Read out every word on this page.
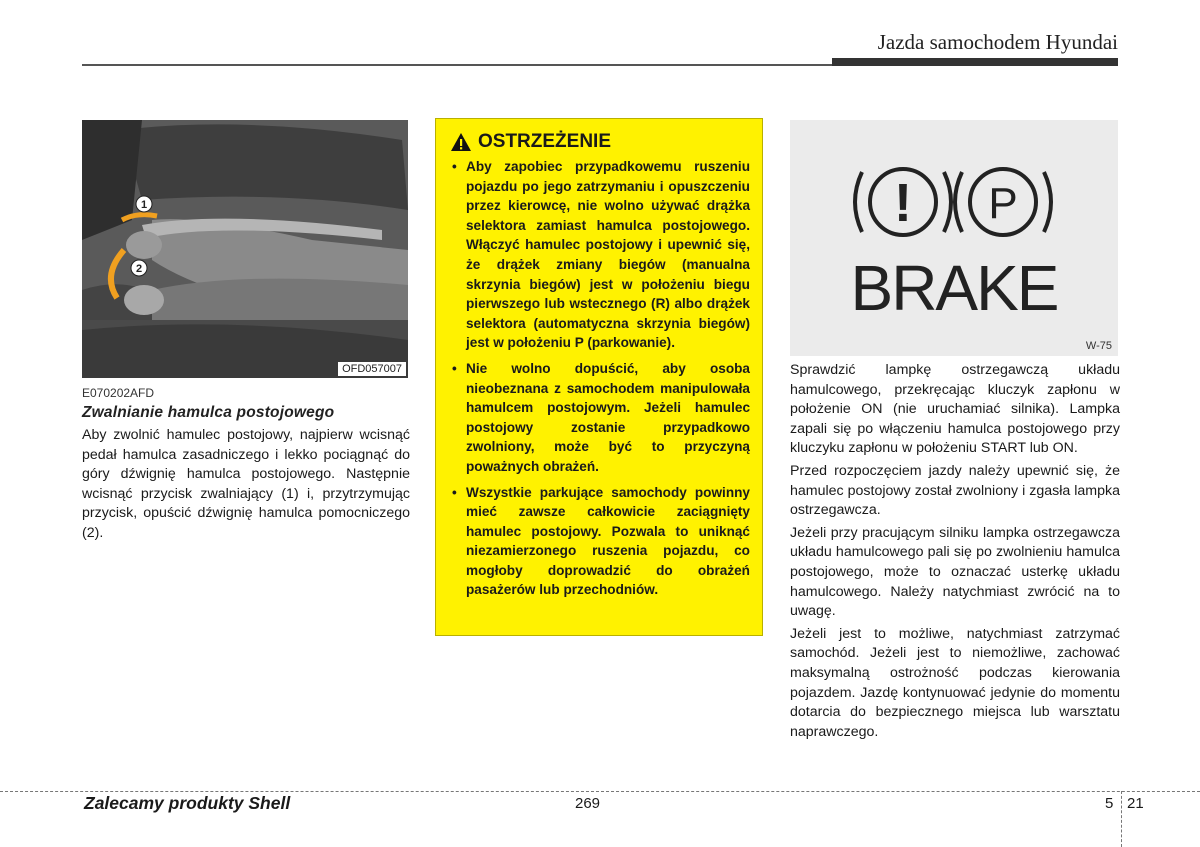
Jazda samochodem Hyundai
1
2
OFD057007

E070202AFD

Zwalnianie hamulca postojowego

Aby zwolnić hamulec postojowy, najpierw wcisnąć pedał hamulca zasadniczego i lekko pociągnąć do góry dźwignię hamulca postojowego. Następnie wcisnąć przycisk zwalniający (1) i, przytrzymując przycisk, opuścić dźwignię hamulca pomocniczego (2).

OSTRZEŻENIE
• Aby zapobiec przypadkowemu ruszeniu pojazdu po jego zatrzymaniu i opuszczeniu przez kierowcę, nie wolno używać drążka selektora zamiast hamulca postojowego. Włączyć hamulec postojowy i upewnić się, że drążek zmiany biegów (manualna skrzynia biegów) jest w położeniu biegu pierwszego lub wstecznego (R) albo drążek selektora (automatyczna skrzynia biegów) jest w położeniu P (parkowanie).
• Nie wolno dopuścić, aby osoba nieobeznana z samochodem manipulowała hamulcem postojowym. Jeżeli hamulec postojowy zostanie przypadkowo zwolniony, może być to przyczyną poważnych obrażeń.
• Wszystkie parkujące samochody powinny mieć zawsze całkowicie zaciągnięty hamulec postojowy. Pozwala to uniknąć niezamierzonego ruszenia pojazdu, co mogłoby doprowadzić do obrażeń pasażerów lub przechodniów.
! P
BRAKE
W-75

Sprawdzić lampkę ostrzegawczą układu hamulcowego, przekręcając kluczyk zapłonu w położenie ON (nie uruchamiać silnika). Lampka zapali się po włączeniu hamulca postojowego przy kluczyku zapłonu w położeniu START lub ON.

Przed rozpoczęciem jazdy należy upewnić się, że hamulec postojowy został zwolniony i zgasła lampka ostrzegawcza.

Jeżeli przy pracującym silniku lampka ostrzegawcza układu hamulcowego pali się po zwolnieniu hamulca postojowego, może to oznaczać usterkę układu hamulcowego. Należy natychmiast zwrócić na to uwagę.

Jeżeli jest to możliwe, natychmiast zatrzymać samochód. Jeżeli jest to niemożliwe, zachować maksymalną ostrożność podczas kierowania pojazdem. Jazdę kontynuować jedynie do momentu dotarcia do bezpiecznego miejsca lub warsztatu naprawczego.

Zalecamy produkty Shell	269	5 21
